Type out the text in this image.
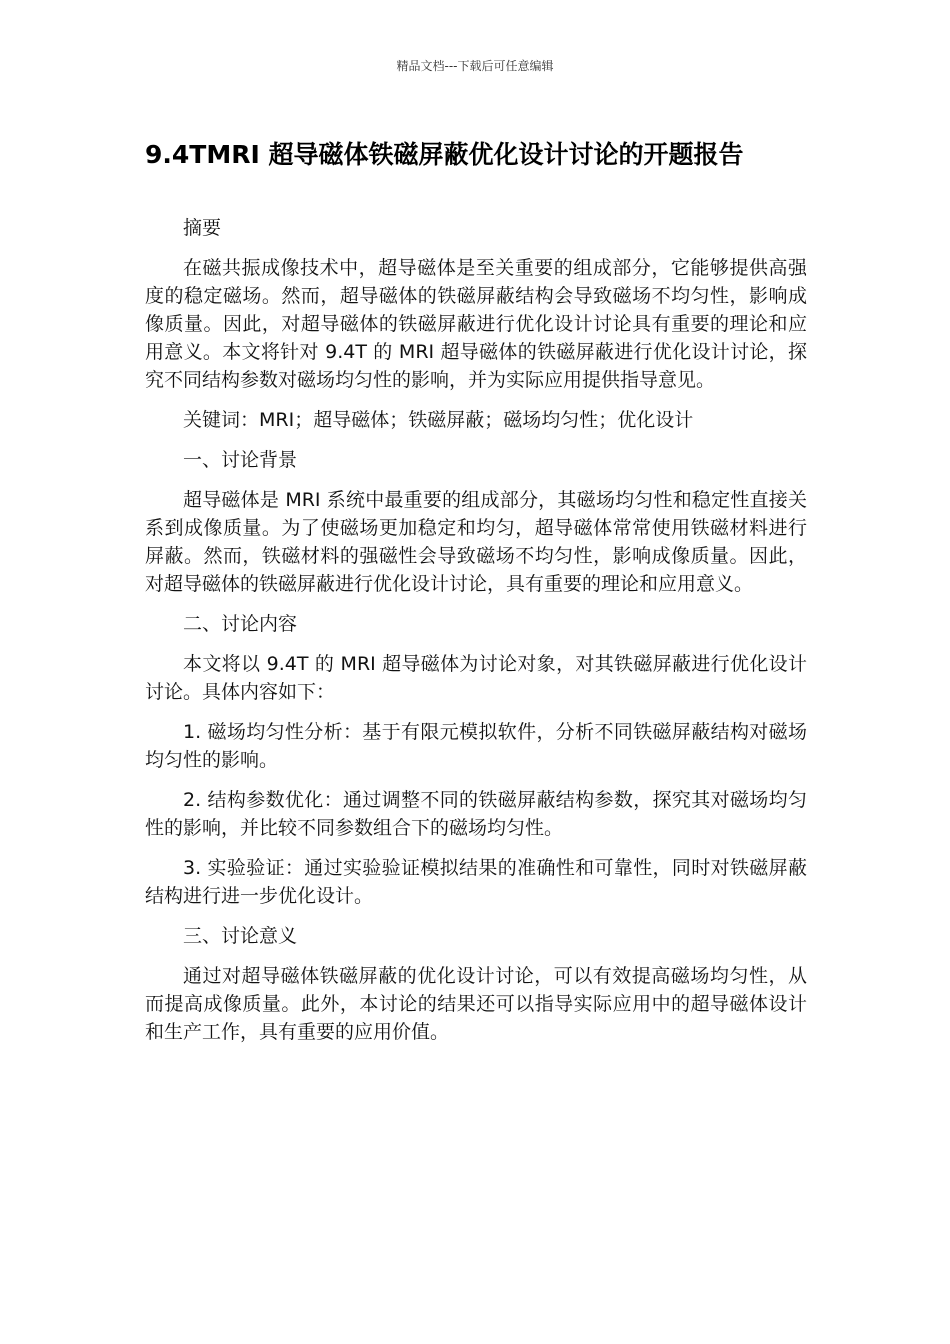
精品文档---下载后可任意编辑
9.4TMRI 超导磁体铁磁屏蔽优化设计讨论的开题报告

摘要

在磁共振成像技术中，超导磁体是至关重要的组成部分，它能够提供高强度的稳定磁场。然而，超导磁体的铁磁屏蔽结构会导致磁场不均匀性，影响成像质量。因此，对超导磁体的铁磁屏蔽进行优化设计讨论具有重要的理论和应用意义。本文将针对 9.4T 的 MRI 超导磁体的铁磁屏蔽进行优化设计讨论，探究不同结构参数对磁场均匀性的影响，并为实际应用提供指导意见。

关键词：MRI；超导磁体；铁磁屏蔽；磁场均匀性；优化设计

一、讨论背景

超导磁体是 MRI 系统中最重要的组成部分，其磁场均匀性和稳定性直接关系到成像质量。为了使磁场更加稳定和均匀，超导磁体常常使用铁磁材料进行屏蔽。然而，铁磁材料的强磁性会导致磁场不均匀性，影响成像质量。因此，对超导磁体的铁磁屏蔽进行优化设计讨论，具有重要的理论和应用意义。

二、讨论内容

本文将以 9.4T 的 MRI 超导磁体为讨论对象，对其铁磁屏蔽进行优化设计讨论。具体内容如下：

1. 磁场均匀性分析：基于有限元模拟软件，分析不同铁磁屏蔽结构对磁场均匀性的影响。

2. 结构参数优化：通过调整不同的铁磁屏蔽结构参数，探究其对磁场均匀性的影响，并比较不同参数组合下的磁场均匀性。

3. 实验验证：通过实验验证模拟结果的准确性和可靠性，同时对铁磁屏蔽结构进行进一步优化设计。

三、讨论意义

通过对超导磁体铁磁屏蔽的优化设计讨论，可以有效提高磁场均匀性，从而提高成像质量。此外，本讨论的结果还可以指导实际应用中的超导磁体设计和生产工作，具有重要的应用价值。
